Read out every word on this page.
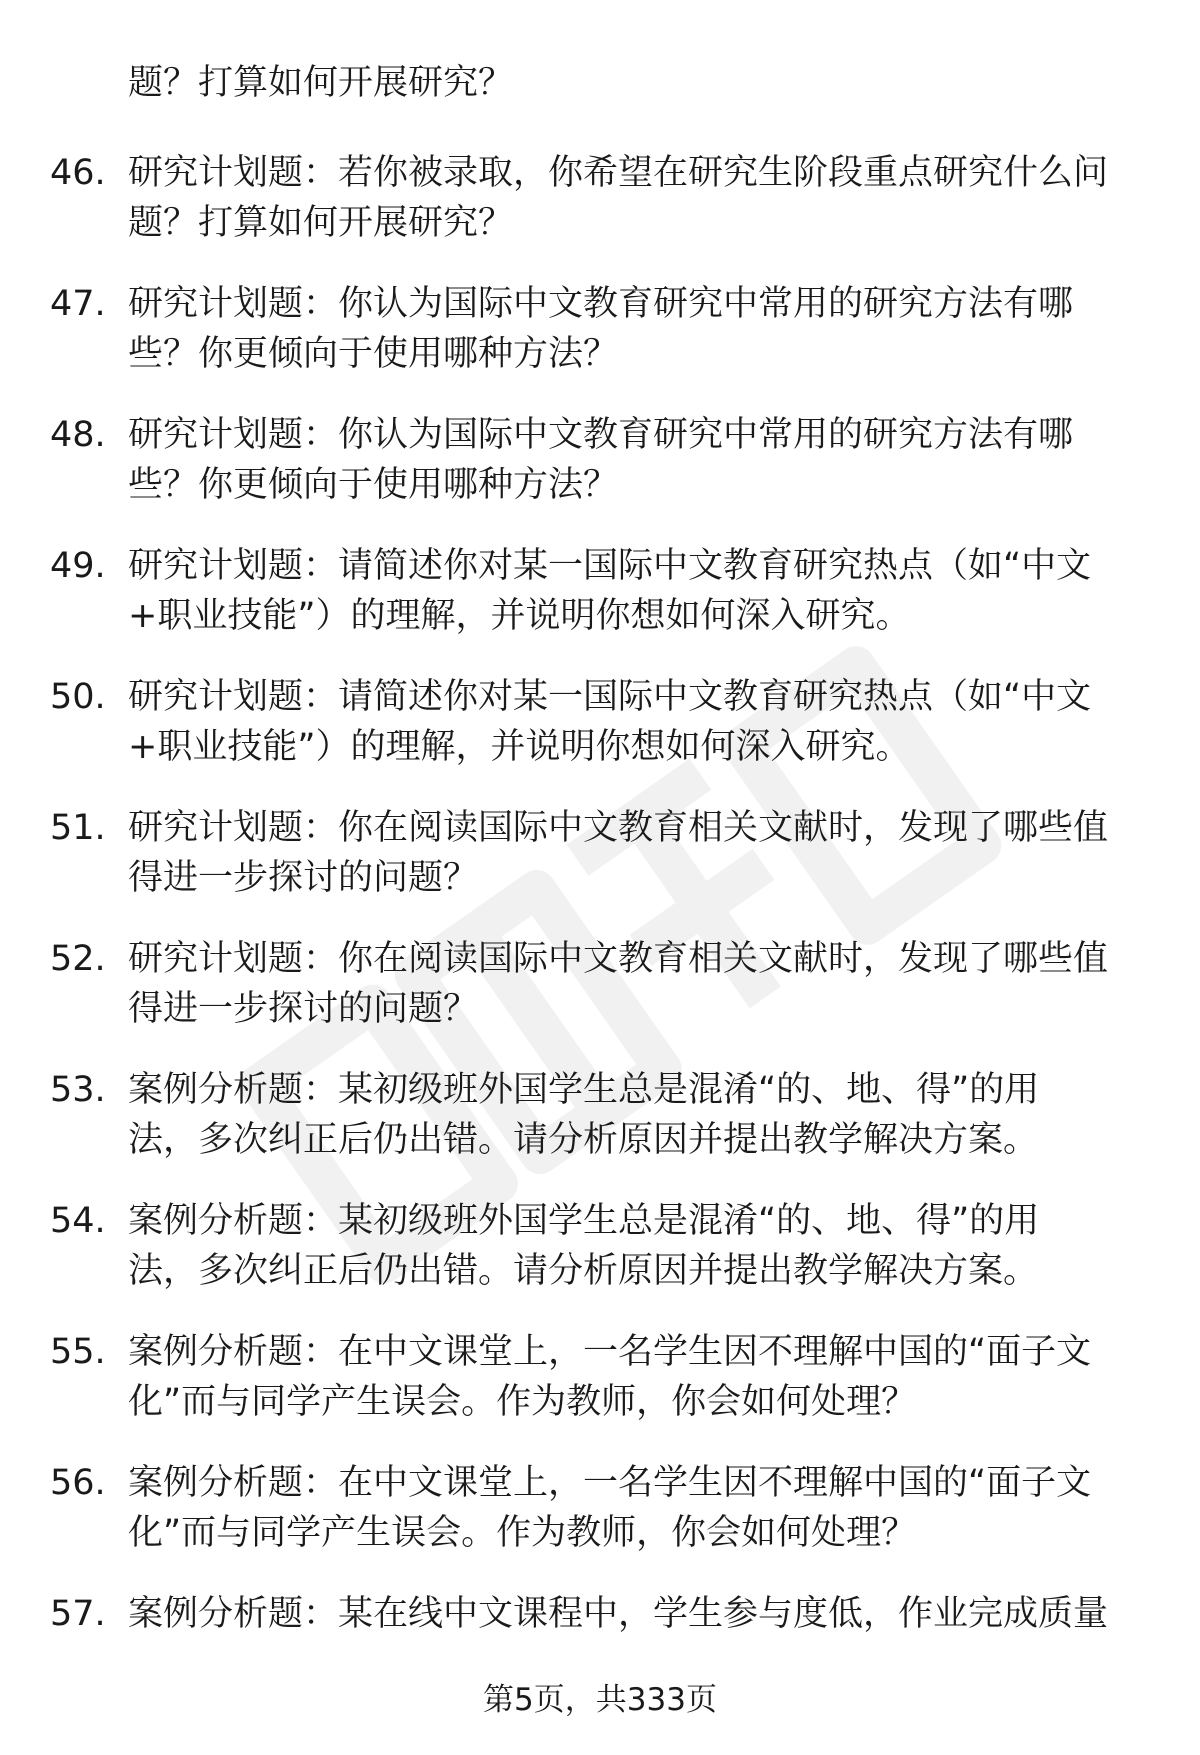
题？打算如何开展研究？
46. 研究计划题：若你被录取，你希望在研究生阶段重点研究什么问
题？打算如何开展研究？
47. 研究计划题：你认为国际中文教育研究中常用的研究方法有哪
些？你更倾向于使用哪种方法？
48. 研究计划题：你认为国际中文教育研究中常用的研究方法有哪
些？你更倾向于使用哪种方法？
49. 研究计划题：请简述你对某一国际中文教育研究热点（如“中文
+职业技能”）的理解，并说明你想如何深入研究。
50. 研究计划题：请简述你对某一国际中文教育研究热点（如“中文
+职业技能”）的理解，并说明你想如何深入研究。
51. 研究计划题：你在阅读国际中文教育相关文献时，发现了哪些值
得进一步探讨的问题？
52. 研究计划题：你在阅读国际中文教育相关文献时，发现了哪些值
得进一步探讨的问题？
53. 案例分析题：某初级班外国学生总是混淆“的、地、得”的用
法，多次纠正后仍出错。请分析原因并提出教学解决方案。
54. 案例分析题：某初级班外国学生总是混淆“的、地、得”的用
法，多次纠正后仍出错。请分析原因并提出教学解决方案。
55. 案例分析题：在中文课堂上，一名学生因不理解中国的“面子文
化”而与同学产生误会。作为教师，你会如何处理？
56. 案例分析题：在中文课堂上，一名学生因不理解中国的“面子文
化”而与同学产生误会。作为教师，你会如何处理？
57. 案例分析题：某在线中文课程中，学生参与度低，作业完成质量
第5页，共333页
